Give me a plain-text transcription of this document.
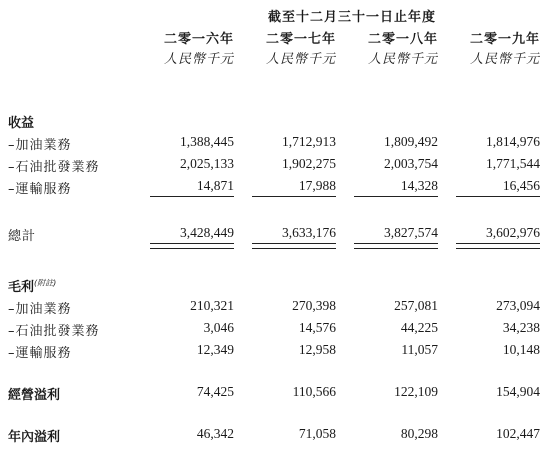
截至十二月三十一日止年度
二零一六年	二零一七年	二零一八年	二零一九年
人民幣千元	人民幣千元	人民幣千元	人民幣千元
收益
–加油業務	1,388,445	1,712,913	1,809,492	1,814,976
–石油批發業務	2,025,133	1,902,275	2,003,754	1,771,544
–運輸服務	14,871	17,988	14,328	16,456
總計	3,428,449	3,633,176	3,827,574	3,602,976
毛利$^{(附註)}$
–加油業務	210,321	270,398	257,081	273,094
–石油批發業務	3,046	14,576	44,225	34,238
–運輸服務	12,349	12,958	11,057	10,148
經營溢利	74,425	110,566	122,109	154,904
年內溢利	46,342	71,058	80,298	102,447
